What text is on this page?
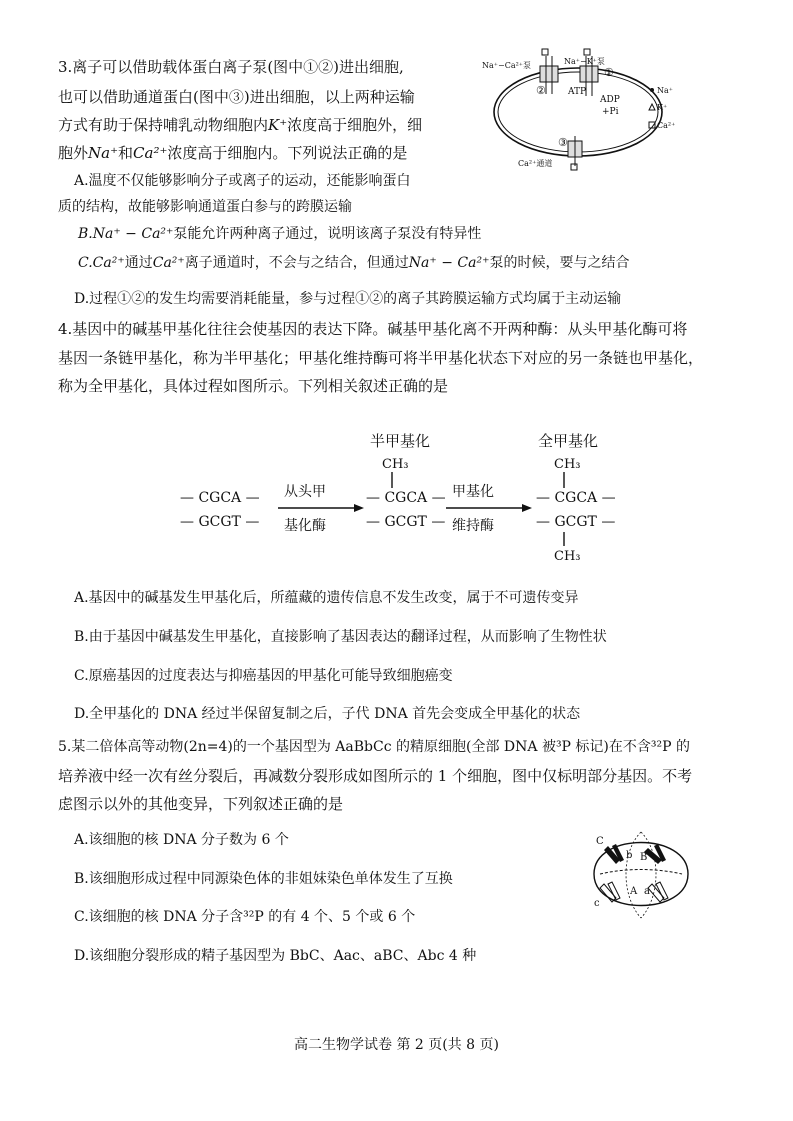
3.离子可以借助载体蛋白离子泵(图中①②)进出细胞,
也可以借助通道蛋白(图中③)进出细胞，以上两种运输
方式有助于保持哺乳动物细胞内K⁺浓度高于细胞外，细
胞外Na⁺和Ca²⁺浓度高于细胞内。下列说法正确的是
A.温度不仅能够影响分子或离子的运动，还能影响蛋白
质的结构，故能够影响通道蛋白参与的跨膜运输
B.Na⁺ − Ca²⁺泵能允许两种离子通过，说明该离子泵没有特异性
C.Ca²⁺通过Ca²⁺离子通道时，不会与之结合，但通过Na⁺ − Ca²⁺泵的时候，要与之结合
D.过程①②的发生均需要消耗能量，参与过程①②的离子其跨膜运输方式均属于主动运输
Na⁺−Ca²⁺泵	Na⁺−K⁺泵
ATP
ADP
+Pi
Ca²⁺通道
①
②
③
Na⁺
K⁺
Ca²⁺
4.基因中的碱基甲基化往往会使基因的表达下降。碱基甲基化离不开两种酶：从头甲基化酶可将
基因一条链甲基化，称为半甲基化；甲基化维持酶可将半甲基化状态下对应的另一条链也甲基化，
称为全甲基化，具体过程如图所示。下列相关叙述正确的是
半甲基化	全甲基化
— CGCA —
— GCGT —
从头甲
基化酶
CH₃
— CGCA —
— GCGT —
甲基化
维持酶
CH₃
— CGCA —
— GCGT —
CH₃
A.基因中的碱基发生甲基化后，所蕴藏的遗传信息不发生改变，属于不可遗传变异
B.由于基因中碱基发生甲基化，直接影响了基因表达的翻译过程，从而影响了生物性状
C.原癌基因的过度表达与抑癌基因的甲基化可能导致细胞癌变
D.全甲基化的 DNA 经过半保留复制之后，子代 DNA 首先会变成全甲基化的状态
5.某二倍体高等动物(2n=4)的一个基因型为 AaBbCc 的精原细胞(全部 DNA 被³P 标记)在不含³²P 的
培养液中经一次有丝分裂后，再减数分裂形成如图所示的 1 个细胞，图中仅标明部分基因。不考
虑图示以外的其他变异，下列叙述正确的是
A.该细胞的核 DNA 分子数为 6 个
B.该细胞形成过程中同源染色体的非姐妹染色单体发生了互换
C.该细胞的核 DNA 分子含³²P 的有 4 个、5 个或 6 个
D.该细胞分裂形成的精子基因型为 BbC、Aac、aBC、Abc 4 种
C
b B
A a
c
高二生物学试卷 第 2 页(共 8 页)
